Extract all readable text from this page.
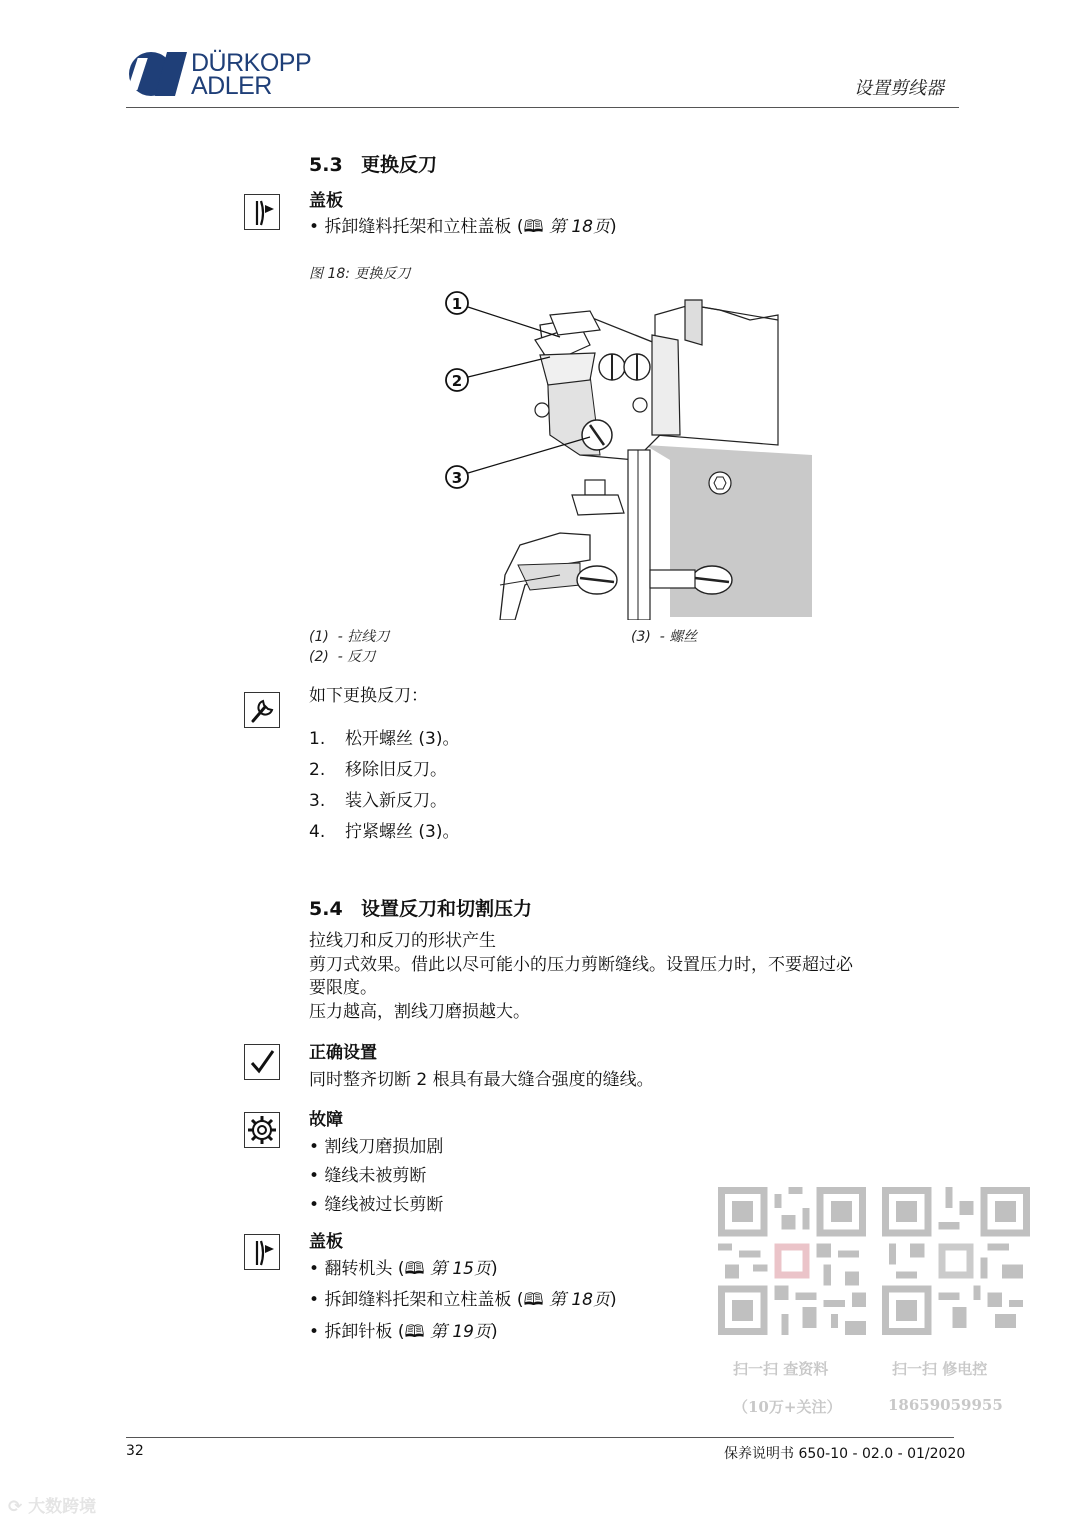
DÜRKOPP
ADLER	设置剪线器
5.3 更换反刀
盖板
• 拆卸缝料托架和立柱盖板 (🕮 第 18页)
图 18: 更换反刀
1
2
3
(1) - 拉线刀
(2) - 反刀
(3) - 螺丝
如下更换反刀：
1. 松开螺丝 (3)。
2. 移除旧反刀。
3. 装入新反刀。
4. 拧紧螺丝 (3)。
5.4 设置反刀和切割压力
拉线刀和反刀的形状产生
剪刀式效果。借此以尽可能小的压力剪断缝线。设置压力时，不要超过必
要限度。
压力越高，割线刀磨损越大。
正确设置
同时整齐切断 2 根具有最大缝合强度的缝线。
故障
• 割线刀磨损加剧
• 缝线未被剪断
• 缝线被过长剪断
盖板
• 翻转机头 (🕮 第 15页)
• 拆卸缝料托架和立柱盖板 (🕮 第 18页)
• 拆卸针板 (🕮 第 19页)
扫一扫 查资料
（10万+关注）
扫一扫 修电控
18659059955
32	保养说明书 650-10 - 02.0 - 01/2020
⟳ 大数跨境
